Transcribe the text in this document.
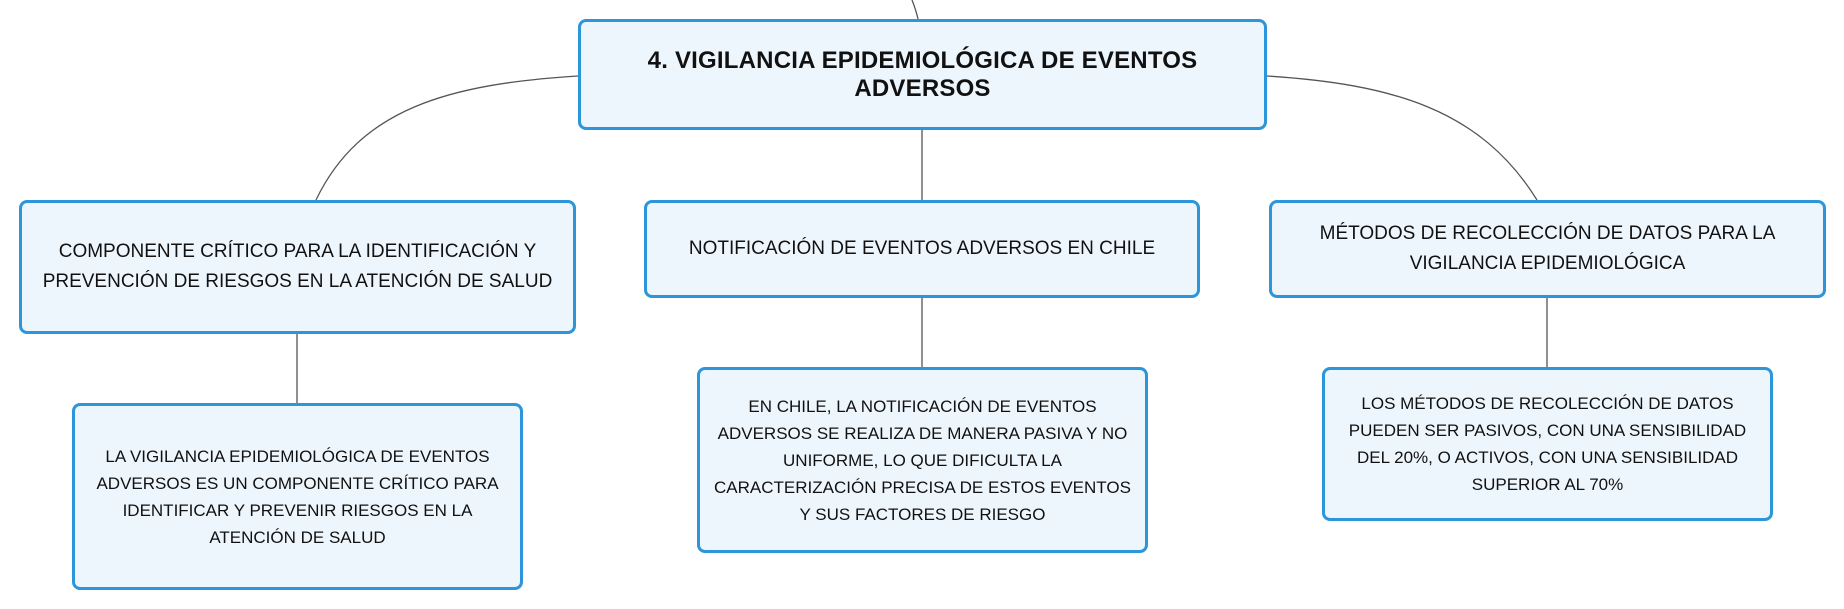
4. VIGILANCIA EPIDEMIOLÓGICA DE EVENTOS ADVERSOS
COMPONENTE CRÍTICO PARA LA IDENTIFICACIÓN Y PREVENCIÓN DE RIESGOS EN LA ATENCIÓN DE SALUD
NOTIFICACIÓN DE EVENTOS ADVERSOS EN CHILE
MÉTODOS DE RECOLECCIÓN DE DATOS PARA LA VIGILANCIA EPIDEMIOLÓGICA
LA VIGILANCIA EPIDEMIOLÓGICA DE EVENTOS ADVERSOS ES UN COMPONENTE CRÍTICO PARA IDENTIFICAR Y PREVENIR RIESGOS EN LA ATENCIÓN DE SALUD
EN CHILE, LA NOTIFICACIÓN DE EVENTOS ADVERSOS SE REALIZA DE MANERA PASIVA Y NO UNIFORME, LO QUE DIFICULTA LA CARACTERIZACIÓN PRECISA DE ESTOS EVENTOS Y SUS FACTORES DE RIESGO
LOS MÉTODOS DE RECOLECCIÓN DE DATOS PUEDEN SER PASIVOS, CON UNA SENSIBILIDAD DEL 20%, O ACTIVOS, CON UNA SENSIBILIDAD SUPERIOR AL 70%
